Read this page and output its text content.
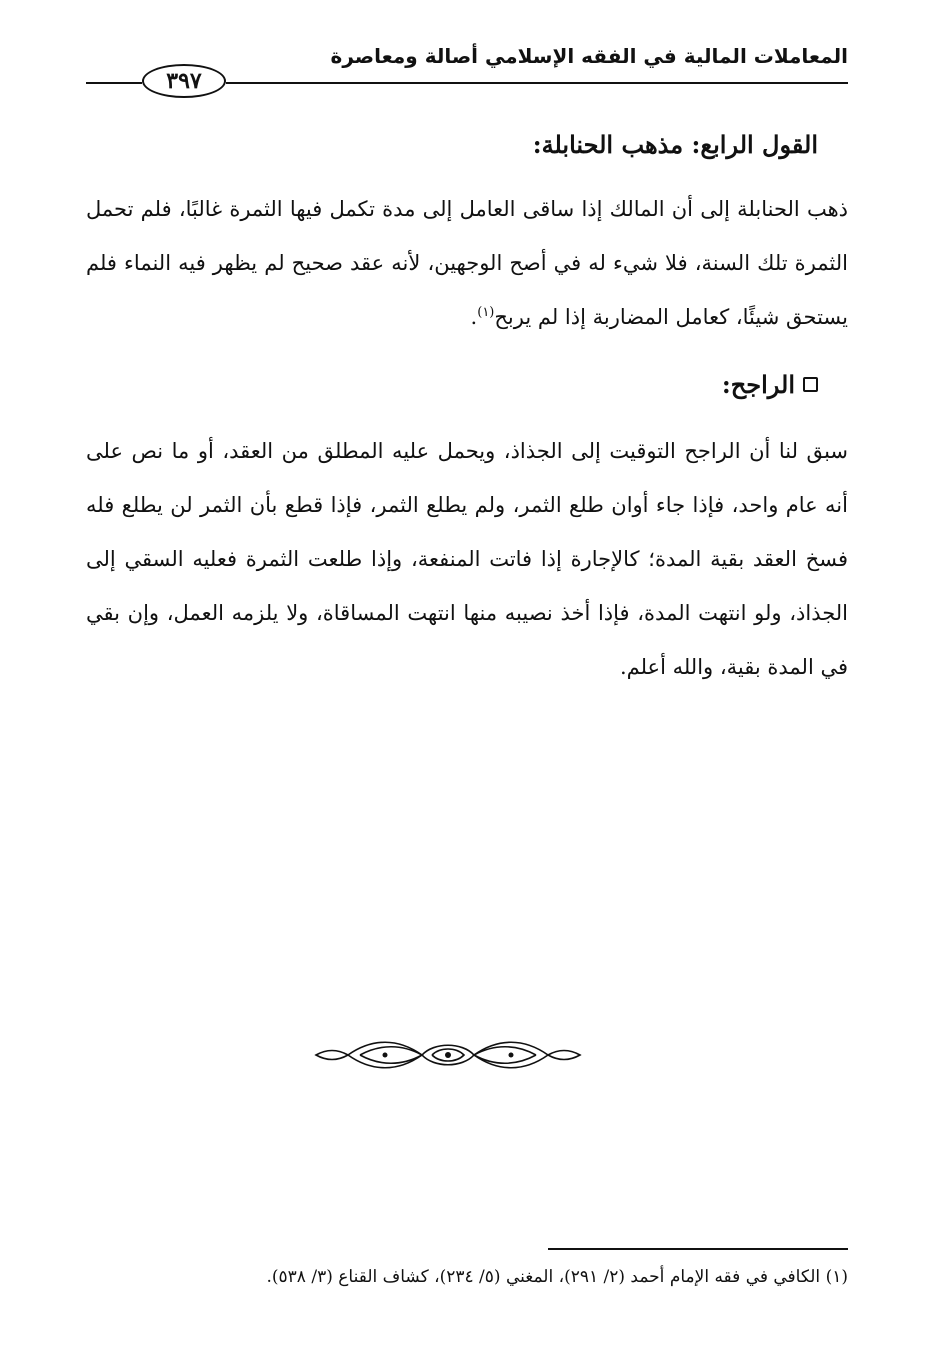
المعاملات المالية في الفقه الإسلامي أصالة ومعاصرة
٣٩٧
القول الرابع: مذهب الحنابلة:
ذهب الحنابلة إلى أن المالك إذا ساقى العامل إلى مدة تكمل فيها الثمرة غالبًا، فلم تحمل الثمرة تلك السنة، فلا شيء له في أصح الوجهين، لأنه عقد صحيح لم يظهر فيه النماء فلم يستحق شيئًا، كعامل المضاربة إذا لم يربح$^{(١)}$.
الراجح:
سبق لنا أن الراجح التوقيت إلى الجذاذ، ويحمل عليه المطلق من العقد، أو ما نص على أنه عام واحد، فإذا جاء أوان طلع الثمر، ولم يطلع الثمر، فإذا قطع بأن الثمر لن يطلع فله فسخ العقد بقية المدة؛ كالإجارة إذا فاتت المنفعة، وإذا طلعت الثمرة فعليه السقي إلى الجذاذ، ولو انتهت المدة، فإذا أخذ نصيبه منها انتهت المساقاة، ولا يلزمه العمل، وإن بقي في المدة بقية، والله أعلم.
(١) الكافي في فقه الإمام أحمد (٢/ ٢٩١)، المغني (٥/ ٢٣٤)، كشاف القناع (٣/ ٥٣٨).
